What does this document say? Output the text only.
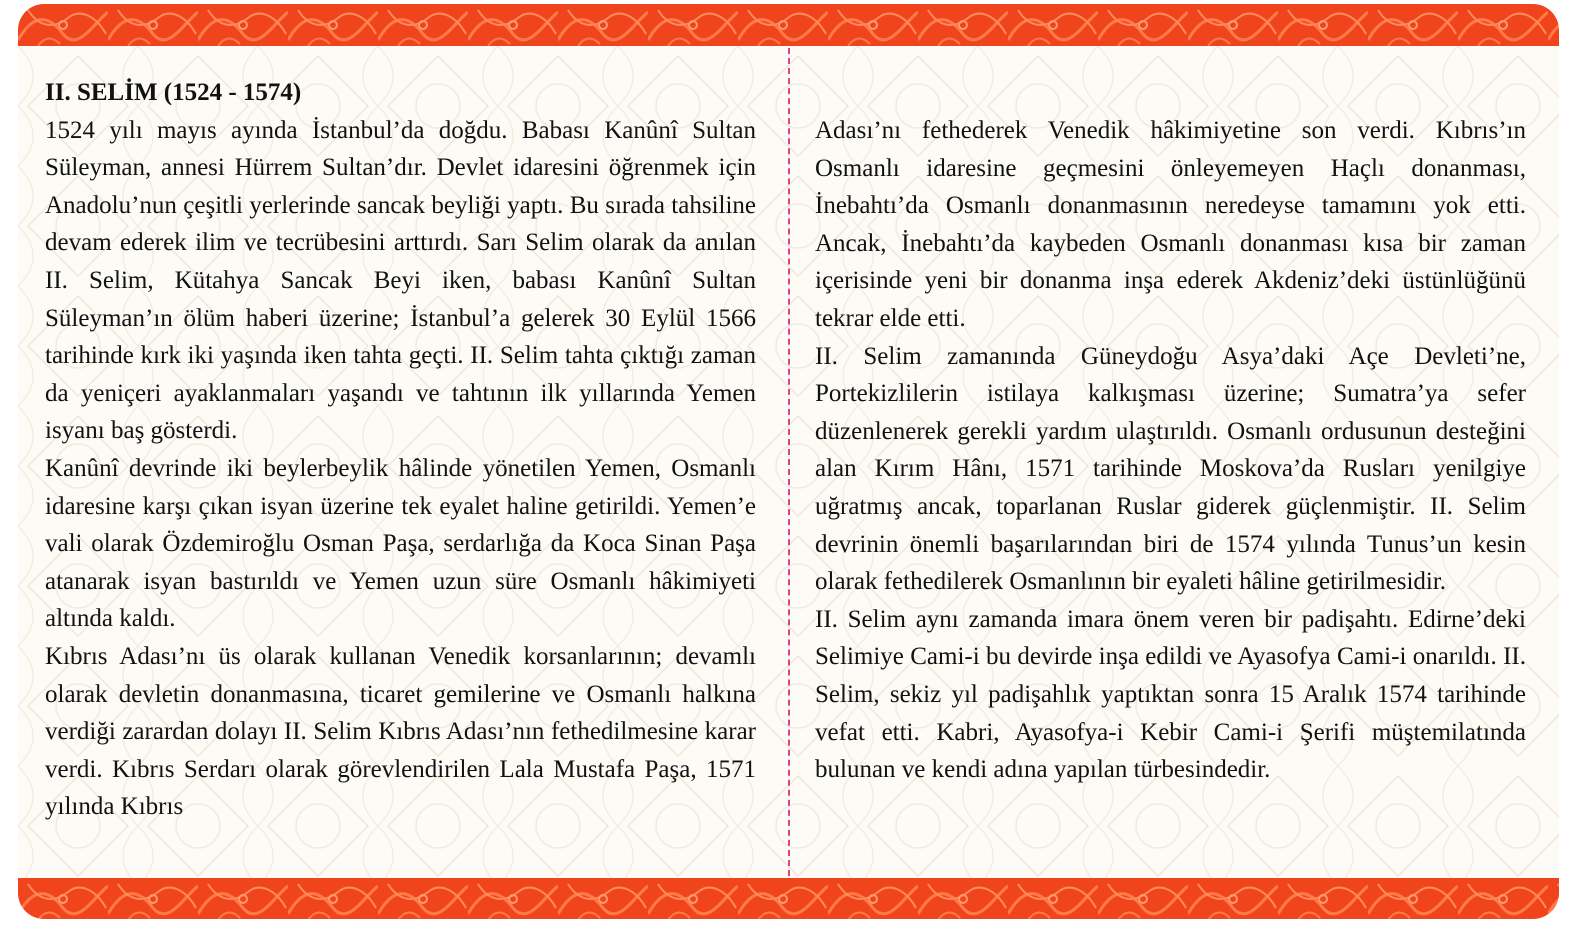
II. SELİM (1524 - 1574)

1524 yılı mayıs ayında İstanbul’da doğdu. Babası Kanûnî Sultan Süleyman, annesi Hürrem Sultan’dır. Devlet idaresini öğrenmek için Anadolu’nun çeşitli yerlerinde sancak beyliği yaptı. Bu sırada tahsiline devam ederek ilim ve tecrübesini arttırdı. Sarı Selim olarak da anılan II. Selim, Kütahya Sancak Beyi iken, babası Kanûnî Sultan Süleyman’ın ölüm haberi üzerine; İstanbul’a gelerek 30 Eylül 1566 tarihinde kırk iki yaşında iken tahta geçti. II. Selim tahta çıktığı zaman da yeniçeri ayaklanmaları yaşandı ve tahtının ilk yıllarında Yemen isyanı baş gösterdi.

Kanûnî devrinde iki beylerbeylik hâlinde yönetilen Yemen, Osmanlı idaresine karşı çıkan isyan üzerine tek eyalet haline getirildi. Yemen’e vali olarak Özdemiroğlu Osman Paşa, serdarlığa da Koca Sinan Paşa atanarak isyan bastırıldı ve Yemen uzun süre Osmanlı hâkimiyeti altında kaldı.

Kıbrıs Adası’nı üs olarak kullanan Venedik korsanlarının; devamlı olarak devletin donanmasına, ticaret gemilerine ve Osmanlı halkına verdiği zarardan dolayı II. Selim Kıbrıs Adası’nın fethedilmesine karar verdi. Kıbrıs Serdarı olarak görevlendirilen Lala Mustafa Paşa, 1571 yılında Kıbrıs

Adası’nı fethederek Venedik hâkimiyetine son verdi. Kıbrıs’ın Osmanlı idaresine geçmesini önleyemeyen Haçlı donanması, İnebahtı’da Osmanlı donanmasının neredeyse tamamını yok etti. Ancak, İnebahtı’da kaybeden Osmanlı donanması kısa bir zaman içerisinde yeni bir donanma inşa ederek Akdeniz’deki üstünlüğünü tekrar elde etti.

II. Selim zamanında Güneydoğu Asya’daki Açe Devleti’ne, Portekizlilerin istilaya kalkışması üzerine; Sumatra’ya sefer düzenlenerek gerekli yardım ulaştırıldı. Osmanlı ordusunun desteğini alan Kırım Hânı, 1571 tarihinde Moskova’da Rusları yenilgiye uğratmış ancak, toparlanan Ruslar giderek güçlenmiştir. II. Selim devrinin önemli başarılarından biri de 1574 yılında Tunus’un kesin olarak fethedilerek Osmanlının bir eyaleti hâline getirilmesidir.

II. Selim aynı zamanda imara önem veren bir padişahtı. Edirne’deki Selimiye Cami-i bu devirde inşa edildi ve Ayasofya Cami-i onarıldı. II. Selim, sekiz yıl padişahlık yaptıktan sonra 15 Aralık 1574 tarihinde vefat etti. Kabri, Ayasofya-i Kebir Cami-i Şerifi müştemilatında bulunan ve kendi adına yapılan türbesindedir.
